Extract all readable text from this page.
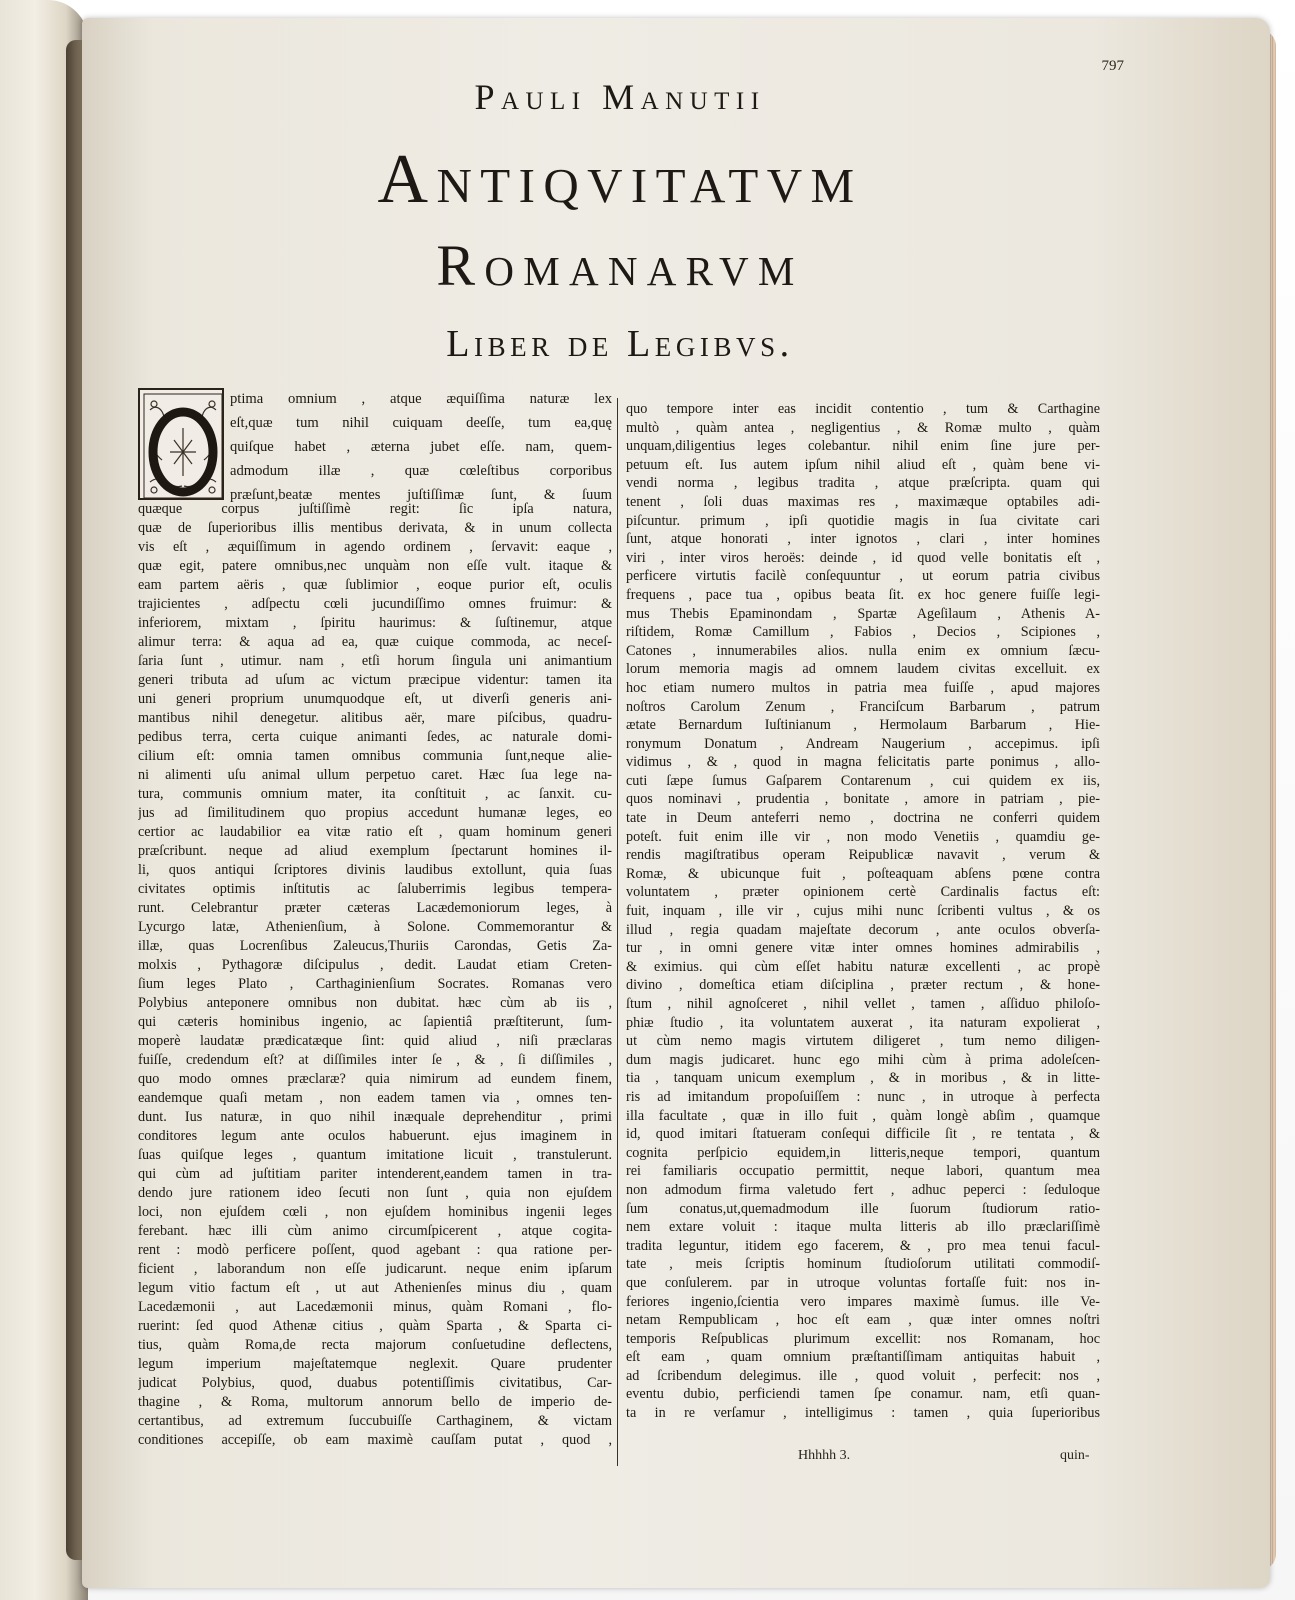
797
Pauli Manutii
Antiqvitatvm
Romanarvm
Liber de Legibvs.
ptima omnium , atque æquiſſima naturæ lex
eſt,quæ tum nihil cuiquam deeſſe, tum ea,quę
quiſque habet , æterna jubet eſſe. nam, quem-
admodum illæ , quæ cœleſtibus corporibus
præſunt,beatæ mentes juſtiſſimæ ſunt, & ſuum
quæque corpus juſtiſſimè regit: ſic ipſa natura,
quæ de ſuperioribus illis mentibus derivata, & in unum collecta
vis eſt , æquiſſimum in agendo ordinem , ſervavit: eaque ,
quæ egit, patere omnibus,nec unquàm non eſſe vult. itaque &
eam partem aëris , quæ ſublimior , eoque purior eſt, oculis
trajicientes , adſpectu cœli jucundiſſimo omnes fruimur: &
inferiorem, mixtam , ſpiritu haurimus: & ſuſtinemur, atque
alimur terra: & aqua ad ea, quæ cuique commoda, ac neceſ-
ſaria ſunt , utimur. nam , etſi horum ſingula uni animantium
generi tributa ad uſum ac victum præcipue videntur: tamen ita
uni generi proprium unumquodque eſt, ut diverſi generis ani-
mantibus nihil denegetur. alitibus aër, mare piſcibus, quadru-
pedibus terra, certa cuique animanti ſedes, ac naturale domi-
cilium eſt: omnia tamen omnibus communia ſunt,neque alie-
ni alimenti uſu animal ullum perpetuo caret. Hæc ſua lege na-
tura, communis omnium mater, ita conſtituit , ac ſanxit. cu-
jus ad ſimilitudinem quo propius accedunt humanæ leges, eo
certior ac laudabilior ea vitæ ratio eſt , quam hominum generi
præſcribunt. neque ad aliud exemplum ſpectarunt homines il-
li, quos antiqui ſcriptores divinis laudibus extollunt, quia ſuas
civitates optimis inſtitutis ac ſaluberrimis legibus tempera-
runt. Celebrantur præter cæteras Lacædemoniorum leges, à
Lycurgo latæ, Athenienſium, à Solone. Commemorantur &
illæ, quas Locrenſibus Zaleucus,Thuriis Carondas, Getis Za-
molxis , Pythagoræ diſcipulus , dedit. Laudat etiam Creten-
ſium leges Plato , Carthaginienſium Socrates. Romanas vero
Polybius anteponere omnibus non dubitat. hæc cùm ab iis ,
qui cæteris hominibus ingenio, ac ſapientiâ præſtiterunt, ſum-
moperè laudatæ prædicatæque ſint: quid aliud , niſi præclaras
fuiſſe, credendum eſt? at diſſimiles inter ſe , & , ſi diſſimiles ,
quo modo omnes præclaræ? quia nimirum ad eundem finem,
eandemque quaſi metam , non eadem tamen via , omnes ten-
dunt. Ius naturæ, in quo nihil inæquale deprehenditur , primi
conditores legum ante oculos habuerunt. ejus imaginem in
ſuas quiſque leges , quantum imitatione licuit , transtulerunt.
qui cùm ad juſtitiam pariter intenderent,eandem tamen in tra-
dendo jure rationem ideo ſecuti non ſunt , quia non ejuſdem
loci, non ejuſdem cœli , non ejuſdem hominibus ingenii leges
ferebant. hæc illi cùm animo circumſpicerent , atque cogita-
rent : modò perficere poſſent, quod agebant : qua ratione per-
ficient , laborandum non eſſe judicarunt. neque enim ipſarum
legum vitio factum eſt , ut aut Athenienſes minus diu , quam
Lacedæmonii , aut Lacedæmonii minus, quàm Romani , flo-
ruerint: ſed quod Athenæ citius , quàm Sparta , & Sparta ci-
tius, quàm Roma,de recta majorum conſuetudine deflectens,
legum imperium majeſtatemque neglexit. Quare prudenter
judicat Polybius, quod, duabus potentiſſimis civitatibus, Car-
thagine , & Roma, multorum annorum bello de imperio de-
certantibus, ad extremum ſuccubuiſſe Carthaginem, & victam
conditiones accepiſſe, ob eam maximè cauſſam putat , quod ,
quo tempore inter eas incidit contentio , tum & Carthagine
multò , quàm antea , negligentius , & Romæ multo , quàm
unquam,diligentius leges colebantur. nihil enim ſine jure per-
petuum eſt. Ius autem ipſum nihil aliud eſt , quàm bene vi-
vendi norma , legibus tradita , atque præſcripta. quam qui
tenent , ſoli duas maximas res , maximæque optabiles adi-
piſcuntur. primum , ipſi quotidie magis in ſua civitate cari
ſunt, atque honorati , inter ignotos , clari , inter homines
viri , inter viros heroës: deinde , id quod velle bonitatis eſt ,
perficere virtutis facilè conſequuntur , ut eorum patria civibus
frequens , pace tua , opibus beata ſit. ex hoc genere fuiſſe legi-
mus Thebis Epaminondam , Spartæ Ageſilaum , Athenis A-
riſtidem, Romæ Camillum , Fabios , Decios , Scipiones ,
Catones , innumerabiles alios. nulla enim ex omnium ſæcu-
lorum memoria magis ad omnem laudem civitas excelluit. ex
hoc etiam numero multos in patria mea fuiſſe , apud majores
noſtros Carolum Zenum , Franciſcum Barbarum , patrum
ætate Bernardum Iuſtinianum , Hermolaum Barbarum , Hie-
ronymum Donatum , Andream Naugerium , accepimus. ipſi
vidimus , & , quod in magna felicitatis parte ponimus , allo-
cuti ſæpe ſumus Gaſparem Contarenum , cui quidem ex iis,
quos nominavi , prudentia , bonitate , amore in patriam , pie-
tate in Deum anteferri nemo , doctrina ne conferri quidem
poteſt. fuit enim ille vir , non modo Venetiis , quamdiu ge-
rendis magiſtratibus operam Reipublicæ navavit , verum &
Romæ, & ubicunque fuit , poſteaquam abſens pœne contra
voluntatem , præter opinionem certè Cardinalis factus eſt:
fuit, inquam , ille vir , cujus mihi nunc ſcribenti vultus , & os
illud , regia quadam majeſtate decorum , ante oculos obverſa-
tur , in omni genere vitæ inter omnes homines admirabilis ,
& eximius. qui cùm eſſet habitu naturæ excellenti , ac propè
divino , domeſtica etiam diſciplina , præter rectum , & hone-
ſtum , nihil agnoſceret , nihil vellet , tamen , aſſiduo philoſo-
phiæ ſtudio , ita voluntatem auxerat , ita naturam expolierat ,
ut cùm nemo magis virtutem diligeret , tum nemo diligen-
dum magis judicaret. hunc ego mihi cùm à prima adoleſcen-
tia , tanquam unicum exemplum , & in moribus , & in litte-
ris ad imitandum propoſuiſſem : nunc , in utroque à perfecta
illa facultate , quæ in illo fuit , quàm longè abſim , quamque
id, quod imitari ſtatueram conſequi difficile ſit , re tentata , &
cognita perſpicio equidem,in litteris,neque tempori, quantum
rei familiaris occupatio permittit, neque labori, quantum mea
non admodum firma valetudo fert , adhuc peperci : ſeduloque
ſum conatus,ut,quemadmodum ille ſuorum ſtudiorum ratio-
nem extare voluit : itaque multa litteris ab illo præclariſſimè
tradita leguntur, itidem ego facerem, & , pro mea tenui facul-
tate , meis ſcriptis hominum ſtudioſorum utilitati commodiſ-
que conſulerem. par in utroque voluntas fortaſſe fuit: nos in-
feriores ingenio,ſcientia vero impares maximè ſumus. ille Ve-
netam Rempublicam , hoc eſt eam , quæ inter omnes noſtri
temporis Reſpublicas plurimum excellit: nos Romanam, hoc
eſt eam , quam omnium præſtantiſſimam antiquitas habuit ,
ad ſcribendum delegimus. ille , quod voluit , perfecit: nos ,
eventu dubio, perficiendi tamen ſpe conamur. nam, etſi quan-
ta in re verſamur , intelligimus : tamen , quia ſuperioribus
Hhhhh 3.	quin-
